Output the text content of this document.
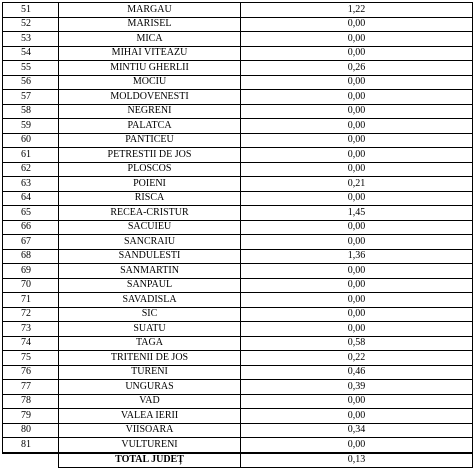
51	MARGAU	1,22
52	MARISEL	0,00
53	MICA	0,00
54	MIHAI VITEAZU	0,00
55	MINTIU GHERLII	0,26
56	MOCIU	0,00
57	MOLDOVENESTI	0,00
58	NEGRENI	0,00
59	PALATCA	0,00
60	PANTICEU	0,00
61	PETRESTII DE JOS	0,00
62	PLOSCOS	0,00
63	POIENI	0,21
64	RISCA	0,00
65	RECEA-CRISTUR	1,45
66	SACUIEU	0,00
67	SANCRAIU	0,00
68	SANDULESTI	1,36
69	SANMARTIN	0,00
70	SANPAUL	0,00
71	SAVADISLA	0,00
72	SIC	0,00
73	SUATU	0,00
74	TAGA	0,58
75	TRITENII DE JOS	0,22
76	TURENI	0,46
77	UNGURAS	0,39
78	VAD	0,00
79	VALEA IERII	0,00
80	VIISOARA	0,34
81	VULTURENI	0,00
	TOTAL JUDEȚ	0,13
